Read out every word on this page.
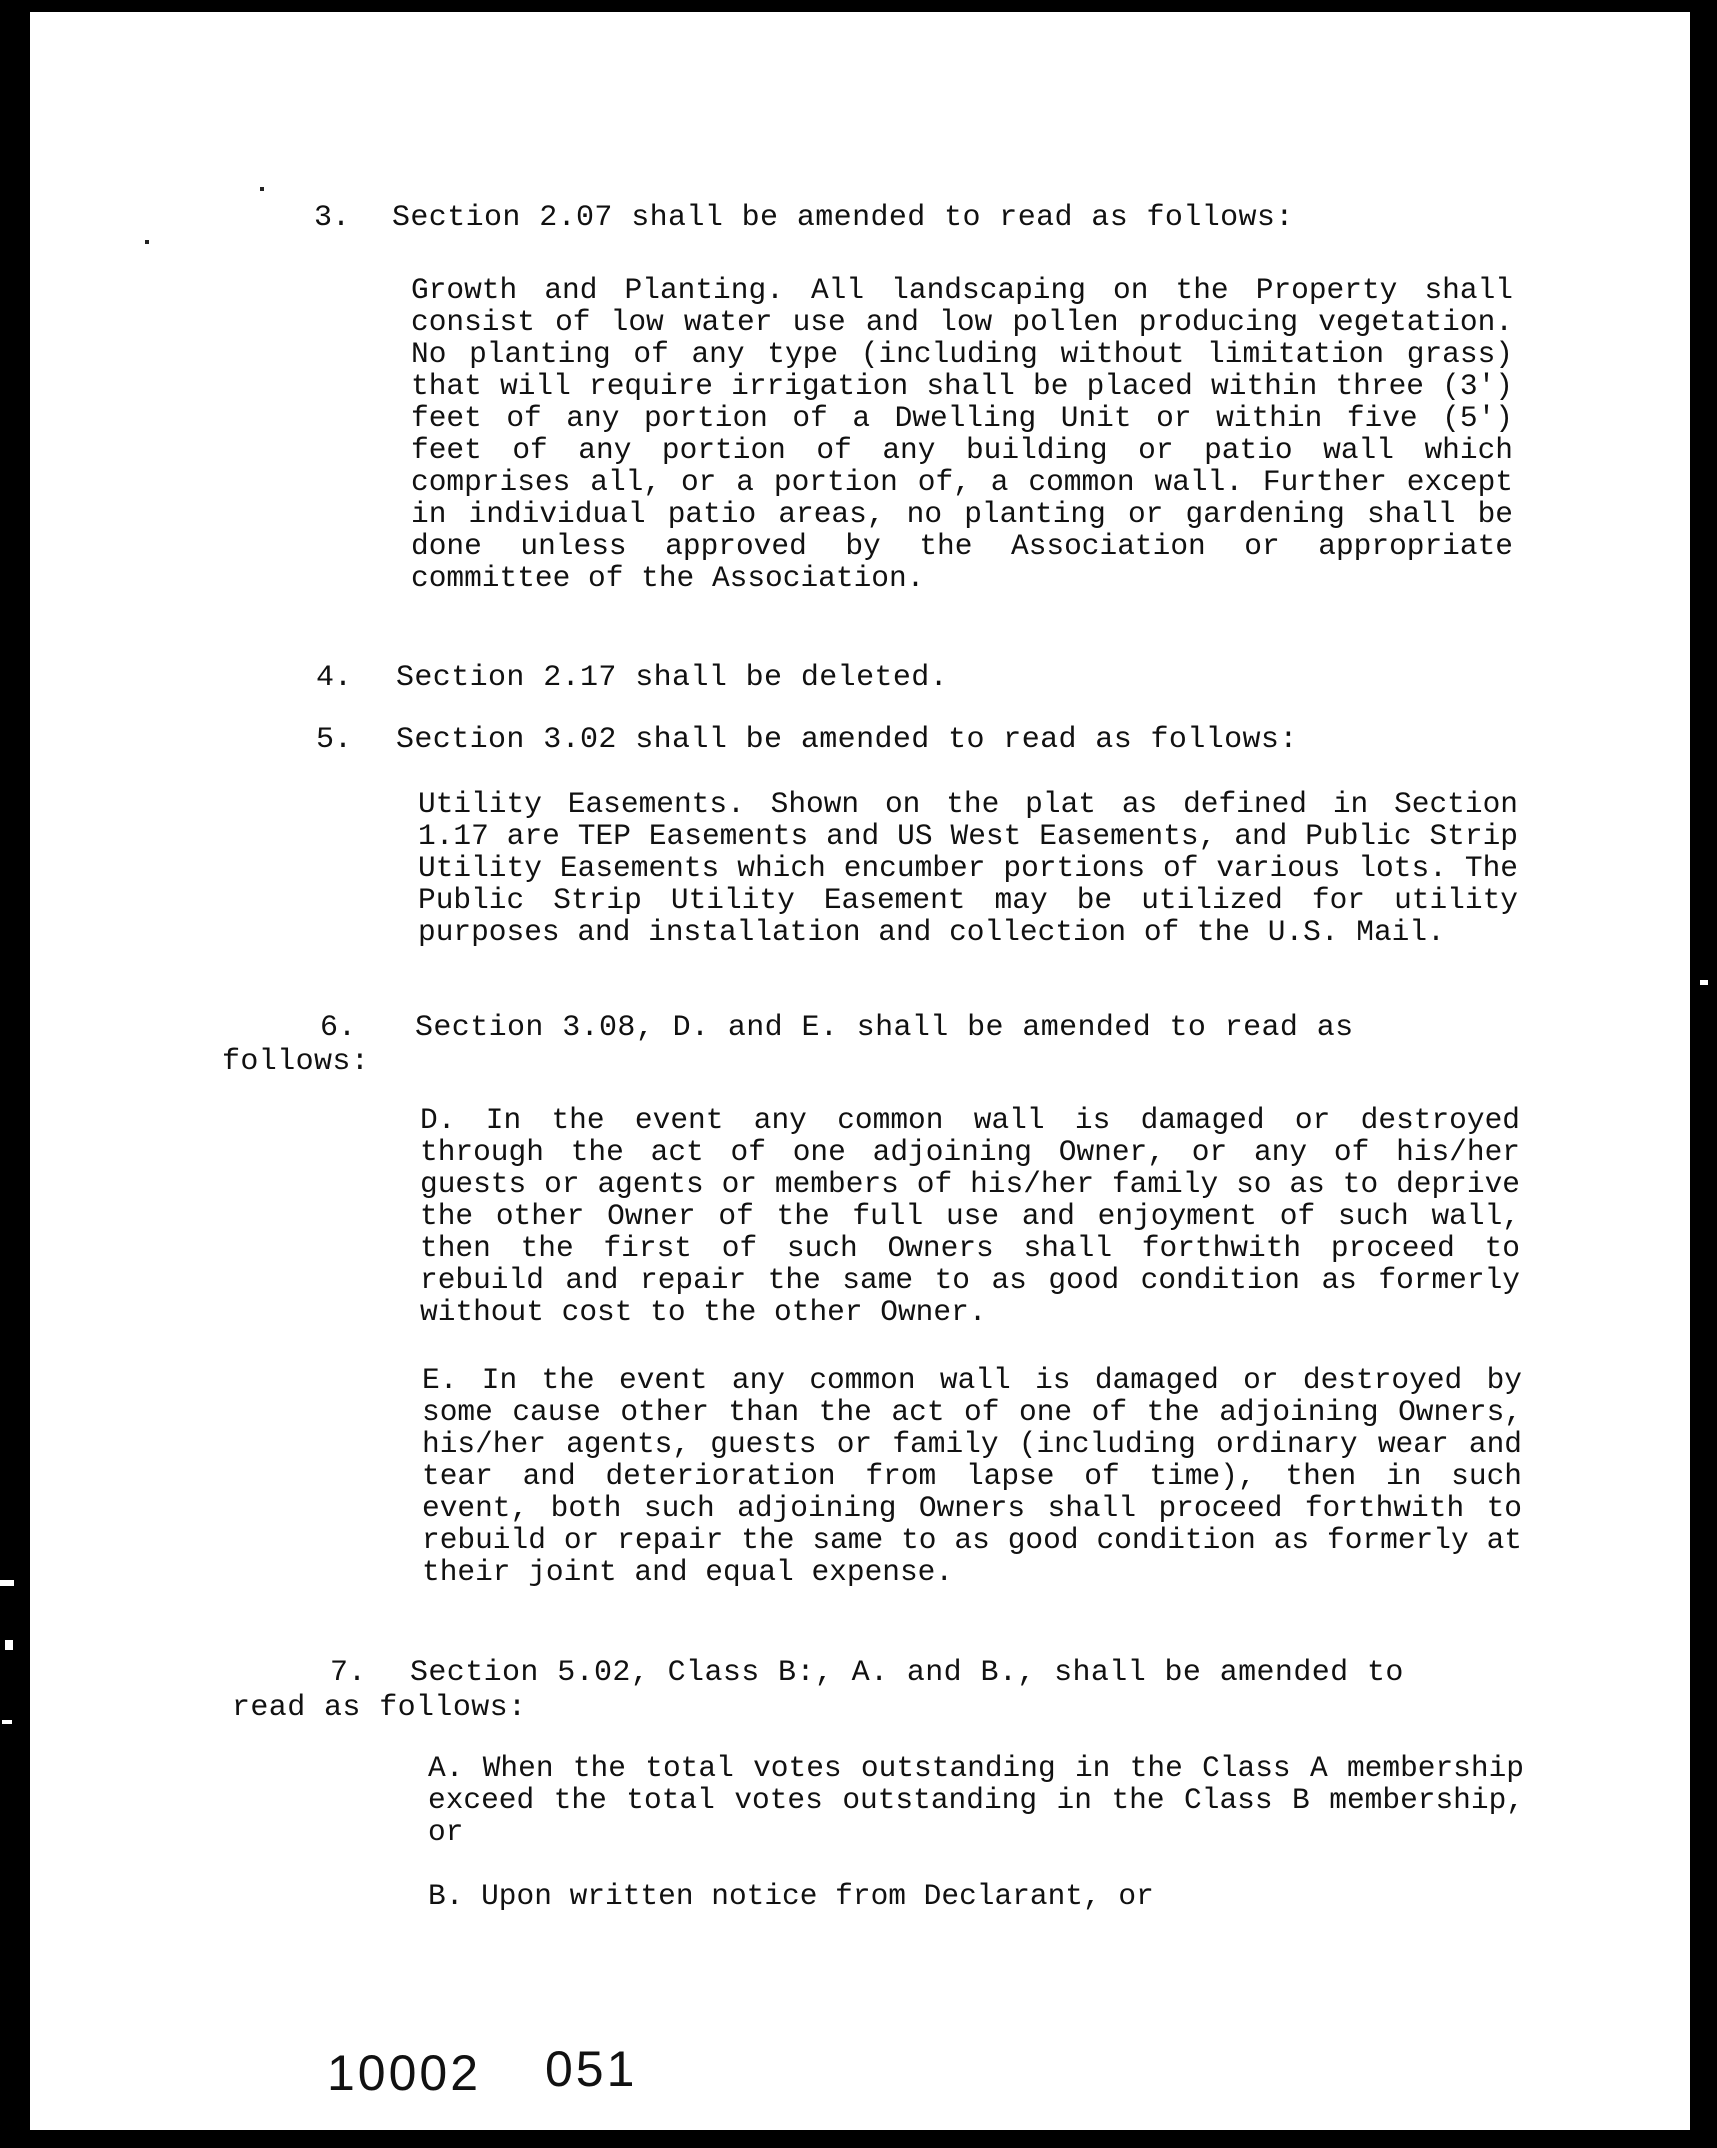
3. Section 2.07 shall be amended to read as follows:
Growth and Planting. All landscaping on the Property shall consist of low water use and low pollen producing vegetation. No planting of any type (including without limitation grass) that will require irrigation shall be placed within three (3') feet of any portion of a Dwelling Unit or within five (5') feet of any portion of any building or patio wall which comprises all, or a portion of, a common wall. Further except in individual patio areas, no planting or gardening shall be done unless approved by the Association or appropriate committee of the Association.
4. Section 2.17 shall be deleted.
5. Section 3.02 shall be amended to read as follows:
Utility Easements. Shown on the plat as defined in Section 1.17 are TEP Easements and US West Easements, and Public Strip Utility Easements which encumber portions of various lots. The Public Strip Utility Easement may be utilized for utility purposes and installation and collection of the U.S. Mail.
6. Section 3.08, D. and E. shall be amended to read as
follows:
D. In the event any common wall is damaged or destroyed through the act of one adjoining Owner, or any of his/her guests or agents or members of his/her family so as to deprive the other Owner of the full use and enjoyment of such wall, then the first of such Owners shall forthwith proceed to rebuild and repair the same to as good condition as formerly without cost to the other Owner.
E. In the event any common wall is damaged or destroyed by some cause other than the act of one of the adjoining Owners, his/her agents, guests or family (including ordinary wear and tear and deterioration from lapse of time), then in such event, both such adjoining Owners shall proceed forthwith to rebuild or repair the same to as good condition as formerly at their joint and equal expense.
7. Section 5.02, Class B:, A. and B., shall be amended to
read as follows:
A. When the total votes outstanding in the Class A membership exceed the total votes outstanding in the Class B membership, or
B. Upon written notice from Declarant, or
10002 051
